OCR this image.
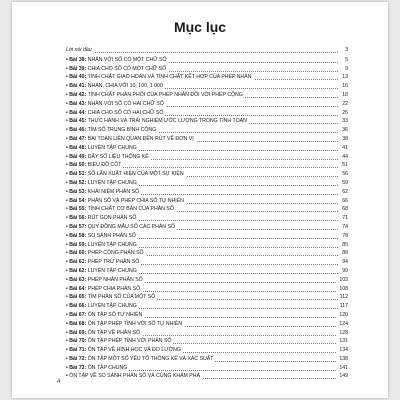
Mục lục
Lời nói đầu	3
• Bài 38: NHÂN VỚI SỐ CÓ MỘT CHỮ SỐ	5
• Bài 39: CHIA CHO SỐ CÓ MỘT CHỮ SỐ	9
• Bài 40: TÍNH CHẤT GIAO HOÁN VÀ TÍNH CHẤT KẾT HỢP CỦA PHÉP NHÂN	13
• Bài 41: NHÂN, CHIA VỚI 10, 100, 1 000	16
• Bài 42: TÍNH CHẤT PHÂN PHỐI CỦA PHÉP NHÂN ĐỐI VỚI PHÉP CỘNG	18
• Bài 43: NHÂN VỚI SỐ CÓ HAI CHỮ SỐ	22
• Bài 44: CHIA CHO SỐ CÓ HAI CHỮ SỐ	25
• Bài 45: THỰC HÀNH VÀ TRẢI NGHIỆM ƯỚC LƯỢNG TRONG TÍNH TOÁN	33
• Bài 46: TÌM SỐ TRUNG BÌNH CỘNG	36
• Bài 47: BÀI TOÁN LIÊN QUAN ĐẾN RÚT VỀ ĐƠN VỊ	38
• Bài 48: LUYỆN TẬP CHUNG	41
• Bài 49: DÃY SỐ LIỆU THỐNG KÊ	44
• Bài 50: BIỂU ĐỒ CỘT	51
• Bài 51: SỐ LẦN XUẤT HIỆN CỦA MỘT SỰ KIỆN	56
• Bài 52: LUYỆN TẬP CHUNG	59
• Bài 53: KHÁI NIỆM PHÂN SỐ	62
• Bài 54: PHÂN SỐ VÀ PHÉP CHIA SỐ TỰ NHIÊN	66
• Bài 55: TÍNH CHẤT CƠ BẢN CỦA PHÂN SỐ	68
• Bài 56: RÚT GỌN PHÂN SỐ	71
• Bài 57: QUY ĐỒNG MẪU SỐ CÁC PHÂN SỐ	74
• Bài 58: SO SÁNH PHÂN SỐ	78
• Bài 59: LUYỆN TẬP CHUNG	85
• Bài 60: PHÉP CỘNG PHÂN SỐ	88
• Bài 61: PHÉP TRỪ PHÂN SỐ	94
• Bài 62: LUYỆN TẬP CHUNG	99
• Bài 63: PHÉP NHÂN PHÂN SỐ	103
• Bài 64: PHÉP CHIA PHÂN SỐ	108
• Bài 65: TÌM PHÂN SỐ CỦA MỘT SỐ	112
• Bài 66: LUYỆN TẬP CHUNG	117
• Bài 67: ÔN TẬP SỐ TỰ NHIÊN	120
• Bài 68: ÔN TẬP PHÉP TÍNH VỚI SỐ TỰ NHIÊN	124
• Bài 69: ÔN TẬP VỀ PHÂN SỐ	128
• Bài 70: ÔN TẬP PHÉP TÍNH VỚI PHÂN SỐ	131
• Bài 71: ÔN TẬP VỀ HÌNH HỌC VÀ ĐO LƯỜNG	134
• Bài 72: ÔN TẬP MỘT SỐ YẾU TỐ THỐNG KÊ VÀ XÁC SUẤT	138
• Bài 73: ÔN TẬP CHUNG	141
• ÔN TẬP VỀ SO SÁNH PHÂN SỐ VÀ CÙNG KHÁM PHÁ	149
4
